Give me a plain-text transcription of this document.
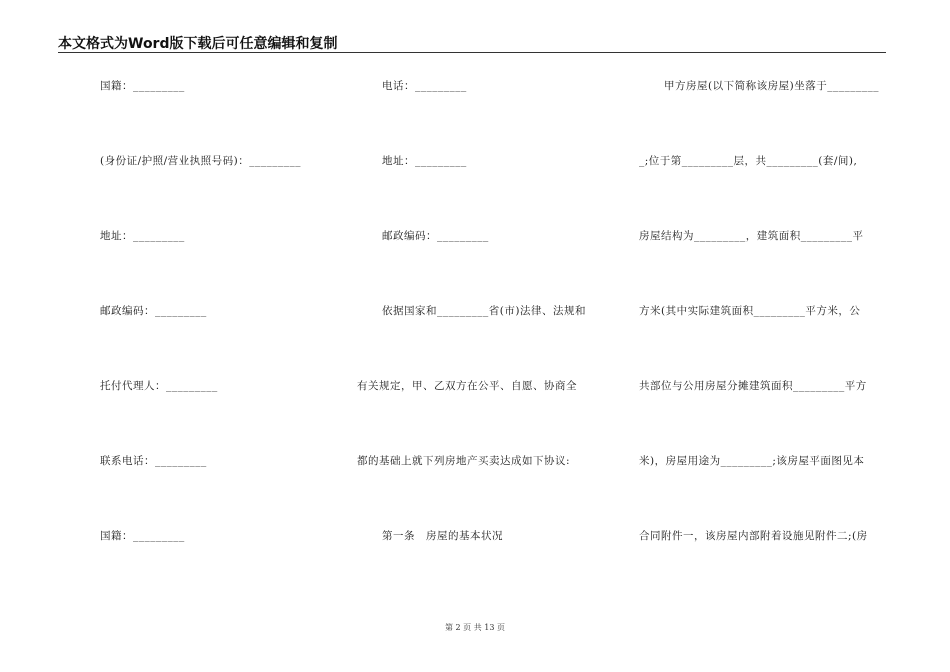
本文格式为Word版下载后可任意编辑和复制
国籍：_________
(身份证/护照/营业执照号码)：_________
地址：_________
邮政编码：_________
托付代理人：_________
联系电话：_________
国籍：_________
电话：_________
地址：_________
邮政编码：_________
依据国家和_________省(市)法律、法规和
有关规定，甲、乙双方在公平、自愿、协商全
都的基础上就下列房地产买卖达成如下协议:
第一条　房屋的基本状况
甲方房屋(以下简称该房屋)坐落于_________
_;位于第_________层，共_________(套/间),
房屋结构为_________，建筑面积_________平
方米(其中实际建筑面积_________平方米，公
共部位与公用房屋分摊建筑面积_________平方
米)，房屋用途为_________;该房屋平面图见本
合同附件一，该房屋内部附着设施见附件二;(房
第 2 页 共 13 页
